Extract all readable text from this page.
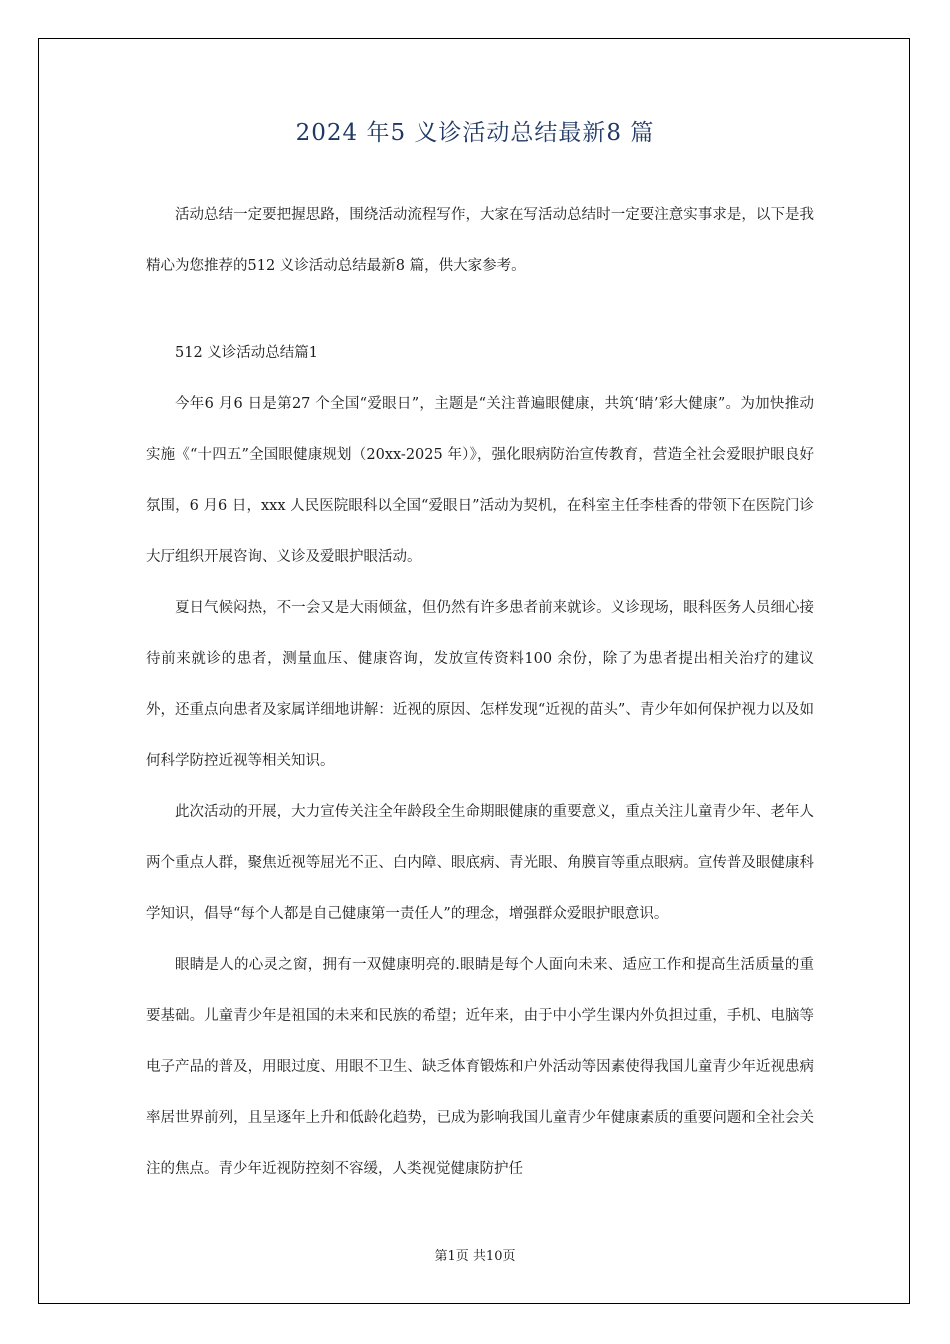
2024 年5 义诊活动总结最新8 篇

活动总结一定要把握思路，围绕活动流程写作，大家在写活动总结时一定要注意实事求是，以下是我精心为您推荐的512 义诊活动总结最新8 篇，供大家参考。

512 义诊活动总结篇1

今年6 月6 日是第27 个全国“爱眼日”，主题是“关注普遍眼健康，共筑‘睛’彩大健康”。为加快推动实施《“十四五”全国眼健康规划（20xx-2025 年）》，强化眼病防治宣传教育，营造全社会爱眼护眼良好氛围，6 月6 日，xxx 人民医院眼科以全国“爱眼日”活动为契机，在科室主任李桂香的带领下在医院门诊大厅组织开展咨询、义诊及爱眼护眼活动。

夏日气候闷热，不一会又是大雨倾盆，但仍然有许多患者前来就诊。义诊现场，眼科医务人员细心接待前来就诊的患者，测量血压、健康咨询，发放宣传资料100 余份，除了为患者提出相关治疗的建议外，还重点向患者及家属详细地讲解：近视的原因、怎样发现“近视的苗头”、青少年如何保护视力以及如何科学防控近视等相关知识。

此次活动的开展，大力宣传关注全年龄段全生命期眼健康的重要意义，重点关注儿童青少年、老年人两个重点人群，聚焦近视等屈光不正、白内障、眼底病、青光眼、角膜盲等重点眼病。宣传普及眼健康科学知识，倡导“每个人都是自己健康第一责任人”的理念，增强群众爱眼护眼意识。

眼睛是人的心灵之窗，拥有一双健康明亮的.眼睛是每个人面向未来、适应工作和提高生活质量的重要基础。儿童青少年是祖国的未来和民族的希望；近年来，由于中小学生课内外负担过重，手机、电脑等电子产品的普及，用眼过度、用眼不卫生、缺乏体育锻炼和户外活动等因素使得我国儿童青少年近视患病率居世界前列，且呈逐年上升和低龄化趋势，已成为影响我国儿童青少年健康素质的重要问题和全社会关注的焦点。青少年近视防控刻不容缓，人类视觉健康防护任

第1页 共10页
